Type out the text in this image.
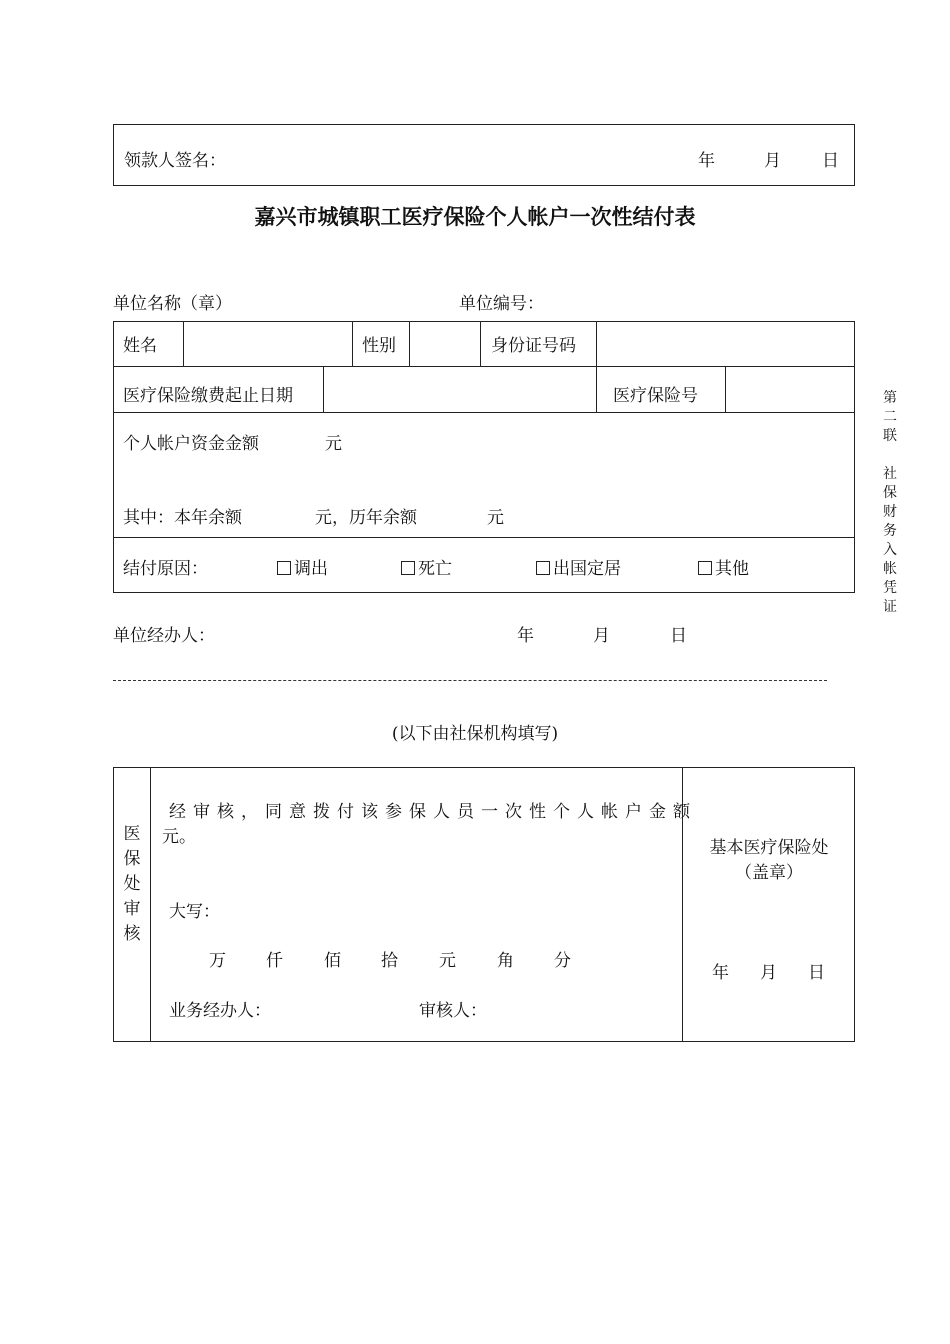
领款人签名：	年	月 日
嘉兴市城镇职工医疗保险个人帐户一次性结付表
单位名称（章）	单位编号：
姓名	性别	身份证号码
医疗保险缴费起止日期	医疗保险号
个人帐户资金金额	元
其中：本年余额	元，历年余额	元
结付原因：	调出	死亡	出国定居	其他
单位经办人：	年	月	日
(以下由社保机构填写)
医
保
处
审
核
经审核，同意拨付该参保人员一次性个人帐户金额
元。
大写：
万 仟 佰 拾 元 角 分
业务经办人：	审核人：
基本医疗保险处
（盖章）
年 月 日
第
二
联
社
保
财
务
入
帐
凭
证
